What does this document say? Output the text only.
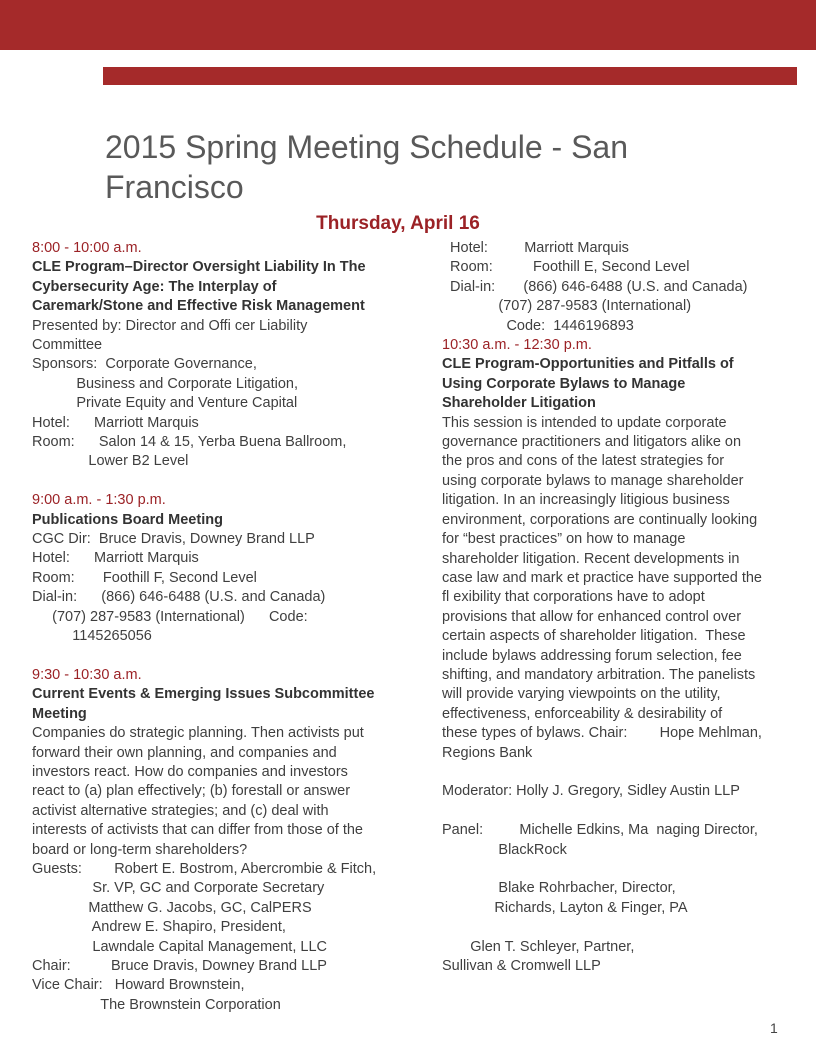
2015 Spring Meeting Schedule - San
Francisco
Thursday, April 16
8:00 - 10:00 a.m.
CLE Program–Director Oversight Liability In The
Cybersecurity Age: The Interplay of
Caremark/Stone and Effective Risk Management
Presented by: Director and Offi cer Liability
Committee
Sponsors:  Corporate Governance,
Business and Corporate Litigation,
Private Equity and Venture Capital
Hotel:      Marriott Marquis
Room:      Salon 14 & 15, Yerba Buena Ballroom,
Lower B2 Level
9:00 a.m. - 1:30 p.m.
Publications Board Meeting
CGC Dir:  Bruce Dravis, Downey Brand LLP
Hotel:      Marriott Marquis
Room:       Foothill F, Second Level
Dial-in:      (866) 646-6488 (U.S. and Canada)
(707) 287-9583 (International)      Code:
1145265056
9:30 - 10:30 a.m.
Current Events & Emerging Issues Subcommittee
Meeting
Companies do strategic planning. Then activists put
forward their own planning, and companies and
investors react. How do companies and investors
react to (a) plan effectively; (b) forestall or answer
activist alternative strategies; and (c) deal with
interests of activists that can differ from those of the
board or long-term shareholders?
Guests:        Robert E. Bostrom, Abercrombie & Fitch,
Sr. VP, GC and Corporate Secretary
Matthew G. Jacobs, GC, CalPERS
Andrew E. Shapiro, President,
Lawndale Capital Management, LLC
Chair:          Bruce Dravis, Downey Brand LLP
Vice Chair:   Howard Brownstein,
The Brownstein Corporation
Hotel:         Marriott Marquis
Room:          Foothill E, Second Level
Dial-in:       (866) 646-6488 (U.S. and Canada)
(707) 287-9583 (International)
Code:  1446196893
10:30 a.m. - 12:30 p.m.
CLE Program-Opportunities and Pitfalls of
Using Corporate Bylaws to Manage
Shareholder Litigation
This session is intended to update corporate
governance practitioners and litigators alike on
the pros and cons of the latest strategies for
using corporate bylaws to manage shareholder
litigation. In an increasingly litigious business
environment, corporations are continually looking
for “best practices” on how to manage
shareholder litigation. Recent developments in
case law and mark et practice have supported the
fl exibility that corporations have to adopt
provisions that allow for enhanced control over
certain aspects of shareholder litigation.  These
include bylaws addressing forum selection, fee
shifting, and mandatory arbitration. The panelists
will provide varying viewpoints on the utility,
effectiveness, enforceability & desirability of
these types of bylaws. Chair:        Hope Mehlman,
Regions Bank
Moderator: Holly J. Gregory, Sidley Austin LLP
Panel:         Michelle Edkins, Ma  naging Director,
BlackRock
Blake Rohrbacher, Director,
Richards, Layton & Finger, PA
Glen T. Schleyer, Partner,
Sullivan & Cromwell LLP
1
